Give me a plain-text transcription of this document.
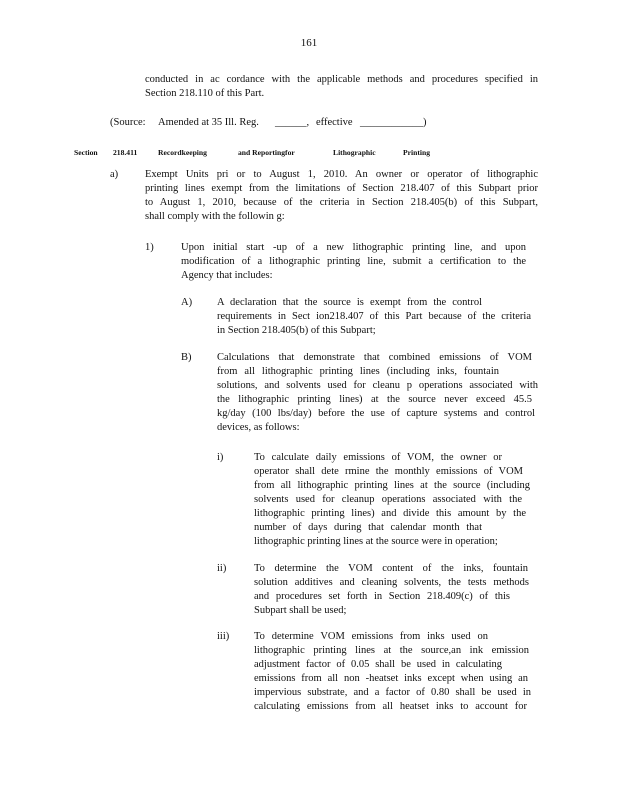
161
conducted in ac cordance with the applicable methods and procedures specified in
Section 218.110 of this Part.
(Source: Amended at 35 Ill. Reg. ______, effective ____________)
Section 218.411	Recordkeeping	and Reportingfor	Lithographic	Printing
a)	Exempt Units pri or to August 1, 2010. An owner or operator of lithographic
printing lines exempt from the limitations of Section 218.407 of this Subpart prior
to August 1, 2010, because of the criteria in Section 218.405(b) of this Subpart,
shall comply with the followin g:
1)	Upon initial start -up of a new lithographic printing line, and upon
modification of a lithographic printing line, submit a certification to the
Agency that includes:
A) A declaration that the source is exempt from the control
requirements in Sect ion218.407 of this Part because of the criteria
in Section 218.405(b) of this Subpart;
B) Calculations that demonstrate that combined emissions of VOM
from all lithographic printing lines (including inks, fountain
solutions, and solvents used for cleanu p operations associated with
the lithographic printing lines) at the source never exceed 45.5
kg/day (100 lbs/day) before the use of capture systems and control
devices, as follows:
i)	To calculate daily emissions of VOM, the owner or
operator shall dete rmine the monthly emissions of VOM
from all lithographic printing lines at the source (including
solvents used for cleanup operations associated with the
lithographic printing lines) and divide this amount by the
number of days during that calendar month that
lithographic printing lines at the source were in operation;
ii)	To determine the VOM content of the inks, fountain
solution additives and cleaning solvents, the tests methods
and procedures set forth in Section 218.409(c) of this
Subpart shall be used;
iii) To determine VOM emissions from inks used on
lithographic printing lines at the source,an ink emission
adjustment factor of 0.05 shall be used in calculating
emissions from all non -heatset inks except when using an
impervious substrate, and a factor of 0.80 shall be used in
calculating emissions from all heatset inks to account for
